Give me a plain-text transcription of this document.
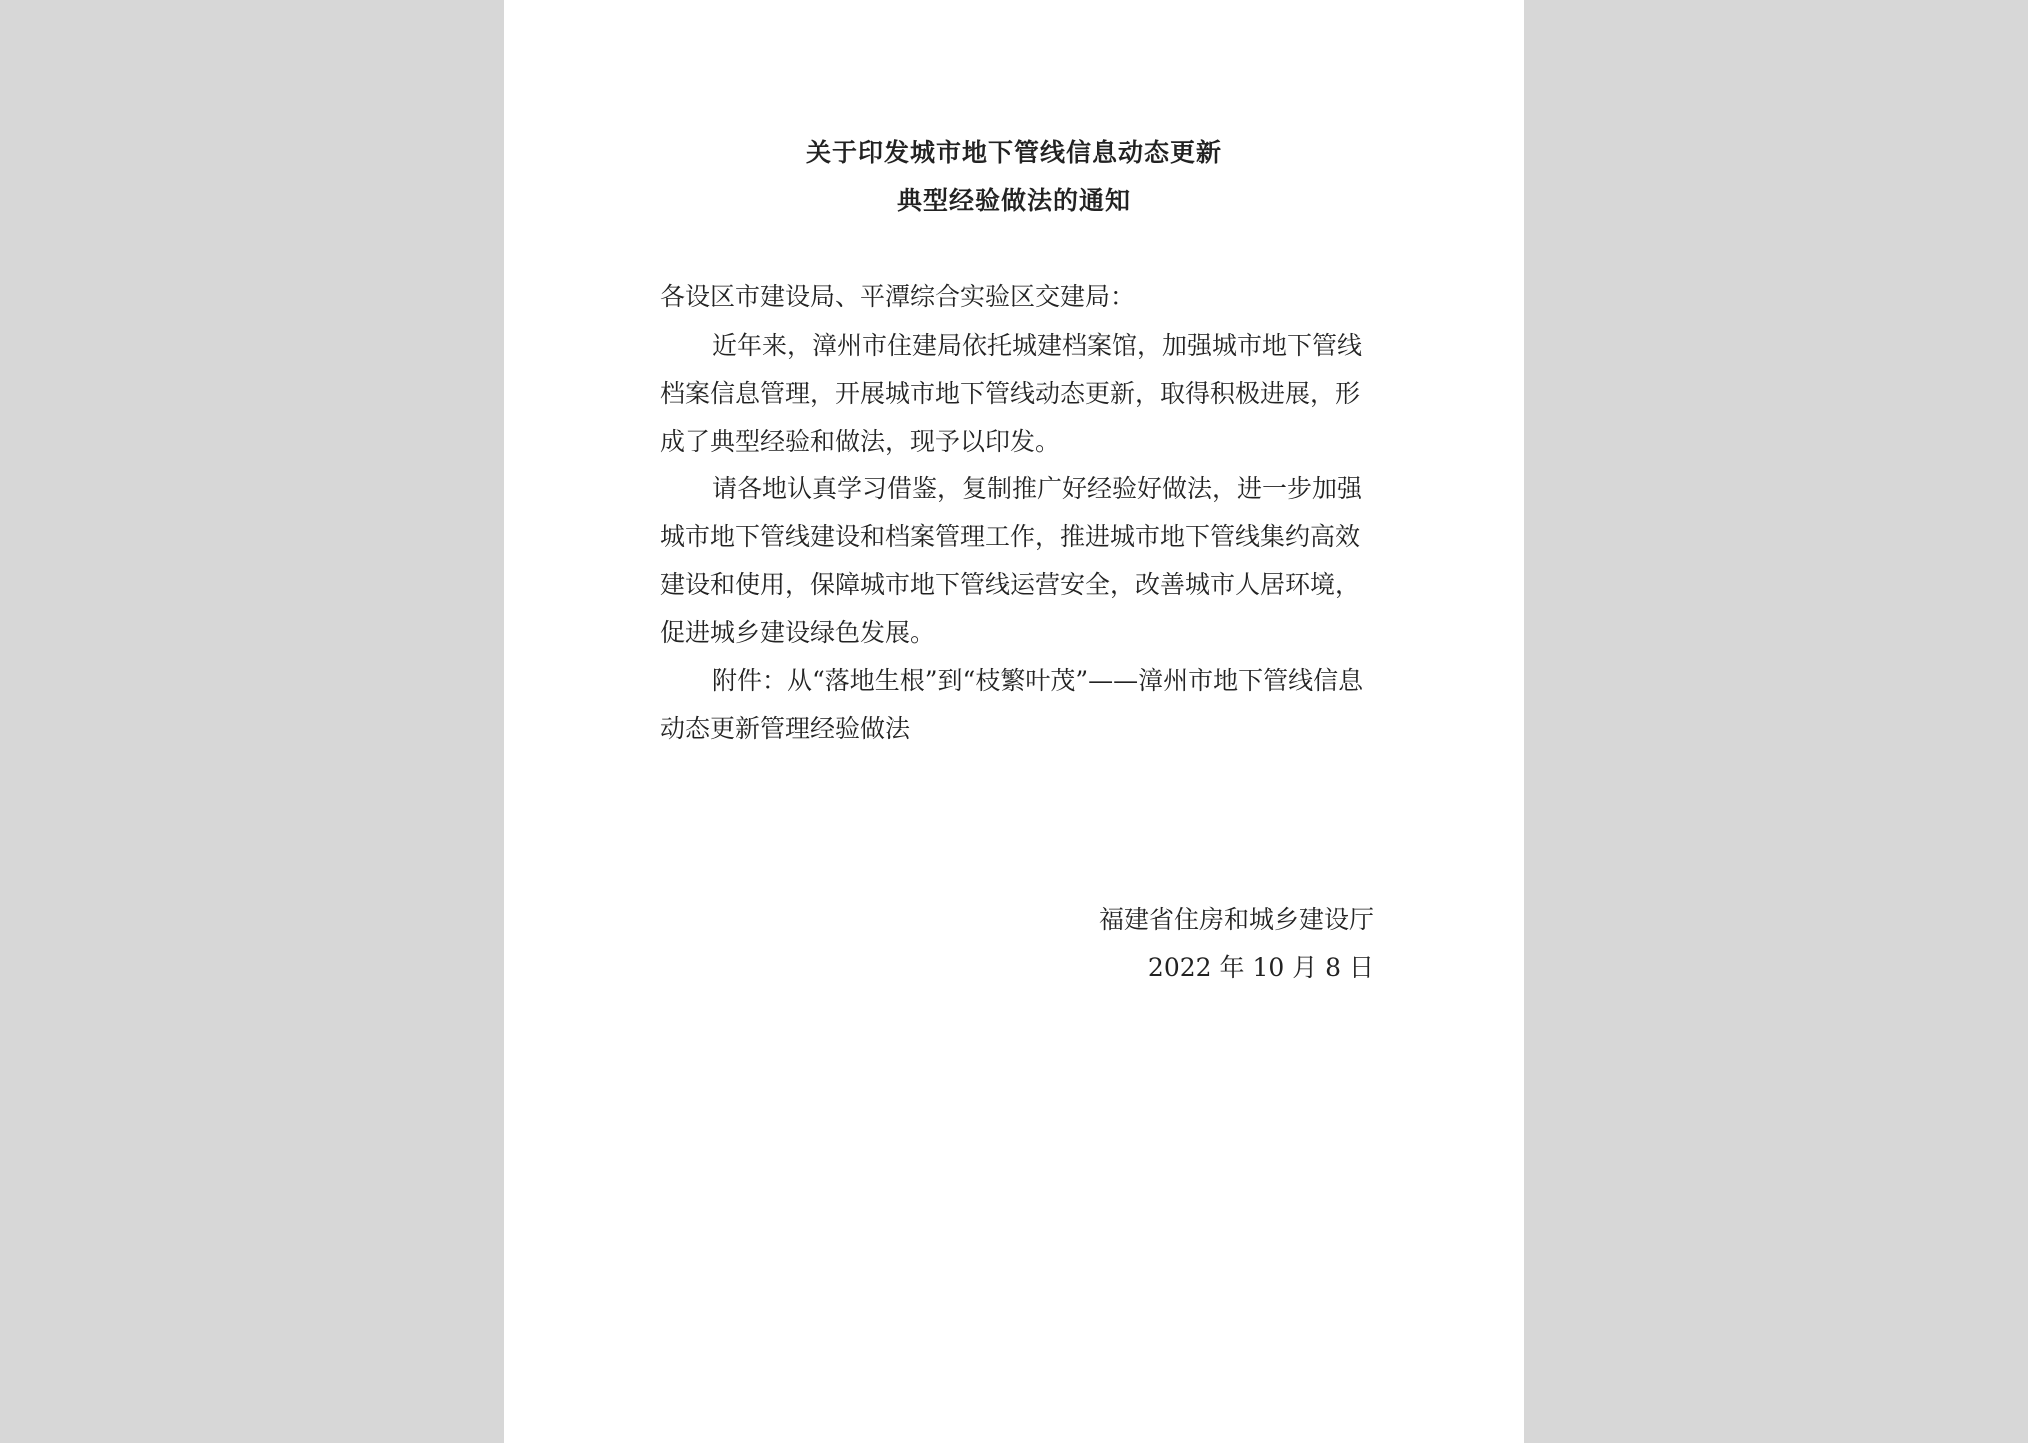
关于印发城市地下管线信息动态更新
典型经验做法的通知

各设区市建设局、平潭综合实验区交建局：

近年来，漳州市住建局依托城建档案馆，加强城市地下管线档案信息管理，开展城市地下管线动态更新，取得积极进展，形成了典型经验和做法，现予以印发。

请各地认真学习借鉴，复制推广好经验好做法，进一步加强城市地下管线建设和档案管理工作，推进城市地下管线集约高效建设和使用，保障城市地下管线运营安全，改善城市人居环境，促进城乡建设绿色发展。

附件：从“落地生根”到“枝繁叶茂”——漳州市地下管线信息动态更新管理经验做法

福建省住房和城乡建设厅

2022 年 10 月 8 日
